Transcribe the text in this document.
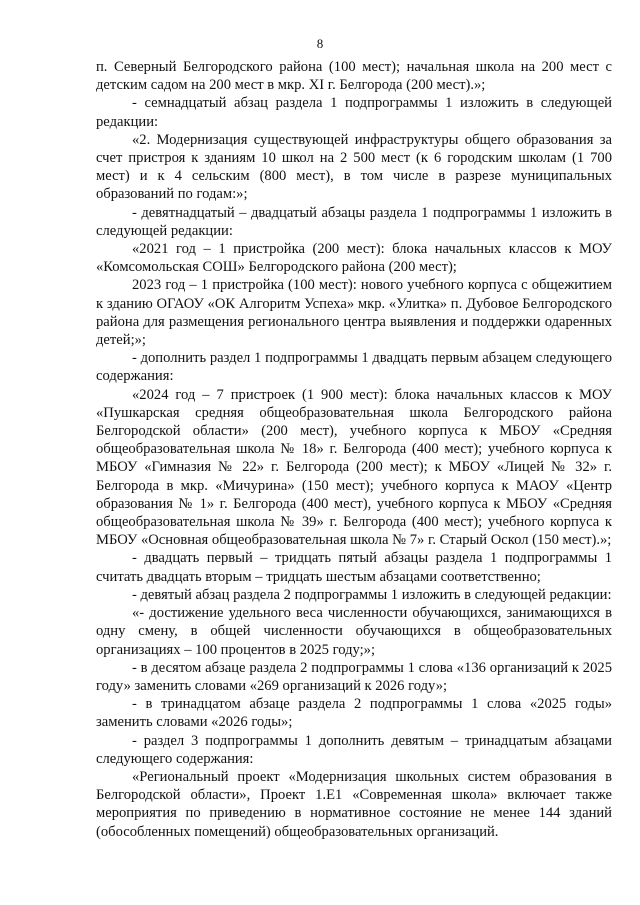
8

п. Северный Белгородского района (100 мест); начальная школа на 200 мест с детским садом на 200 мест в мкр. XI г. Белгорода (200 мест).»;

- семнадцатый абзац раздела 1 подпрограммы 1 изложить в следующей редакции:

«2. Модернизация существующей инфраструктуры общего образования за счет пристроя к зданиям 10 школ на 2 500 мест (к 6 городским школам (1 700 мест) и к 4 сельским (800 мест), в том числе в разрезе муниципальных образований по годам:»;

- девятнадцатый – двадцатый абзацы раздела 1 подпрограммы 1 изложить в следующей редакции:

«2021 год – 1 пристройка (200 мест): блока начальных классов к МОУ «Комсомольская СОШ» Белгородского района (200 мест);

2023 год – 1 пристройка (100 мест): нового учебного корпуса с общежитием к зданию ОГАОУ «ОК Алгоритм Успеха» мкр. «Улитка» п. Дубовое Белгородского района для размещения регионального центра выявления и поддержки одаренных детей;»;

- дополнить раздел 1 подпрограммы 1 двадцать первым абзацем следующего содержания:

«2024 год – 7 пристроек (1 900 мест): блока начальных классов к МОУ «Пушкарская средняя общеобразовательная школа Белгородского района Белгородской области» (200 мест), учебного корпуса к МБОУ «Средняя общеобразовательная школа № 18» г. Белгорода (400 мест); учебного корпуса к МБОУ «Гимназия № 22» г. Белгорода (200 мест); к МБОУ «Лицей № 32» г. Белгорода в мкр. «Мичурина» (150 мест); учебного корпуса к МАОУ «Центр образования № 1» г. Белгорода (400 мест), учебного корпуса к МБОУ «Средняя общеобразовательная школа № 39» г. Белгорода (400 мест); учебного корпуса к МБОУ «Основная общеобразовательная школа № 7» г. Старый Оскол (150 мест).»;

- двадцать первый – тридцать пятый абзацы раздела 1 подпрограммы 1 считать двадцать вторым – тридцать шестым абзацами соответственно;

- девятый абзац раздела 2 подпрограммы 1 изложить в следующей редакции:

«- достижение удельного веса численности обучающихся, занимающихся в одну смену, в общей численности обучающихся в общеобразовательных организациях – 100 процентов в 2025 году;»;

- в десятом абзаце раздела 2 подпрограммы 1 слова «136 организаций к 2025 году» заменить словами «269 организаций к 2026 году»;

- в тринадцатом абзаце раздела 2 подпрограммы 1 слова «2025 годы» заменить словами «2026 годы»;

- раздел 3 подпрограммы 1 дополнить девятым – тринадцатым абзацами следующего содержания:

«Региональный проект «Модернизация школьных систем образования в Белгородской области», Проект 1.Е1 «Современная школа» включает также мероприятия по приведению в нормативное состояние не менее 144 зданий (обособленных помещений) общеобразовательных организаций.
